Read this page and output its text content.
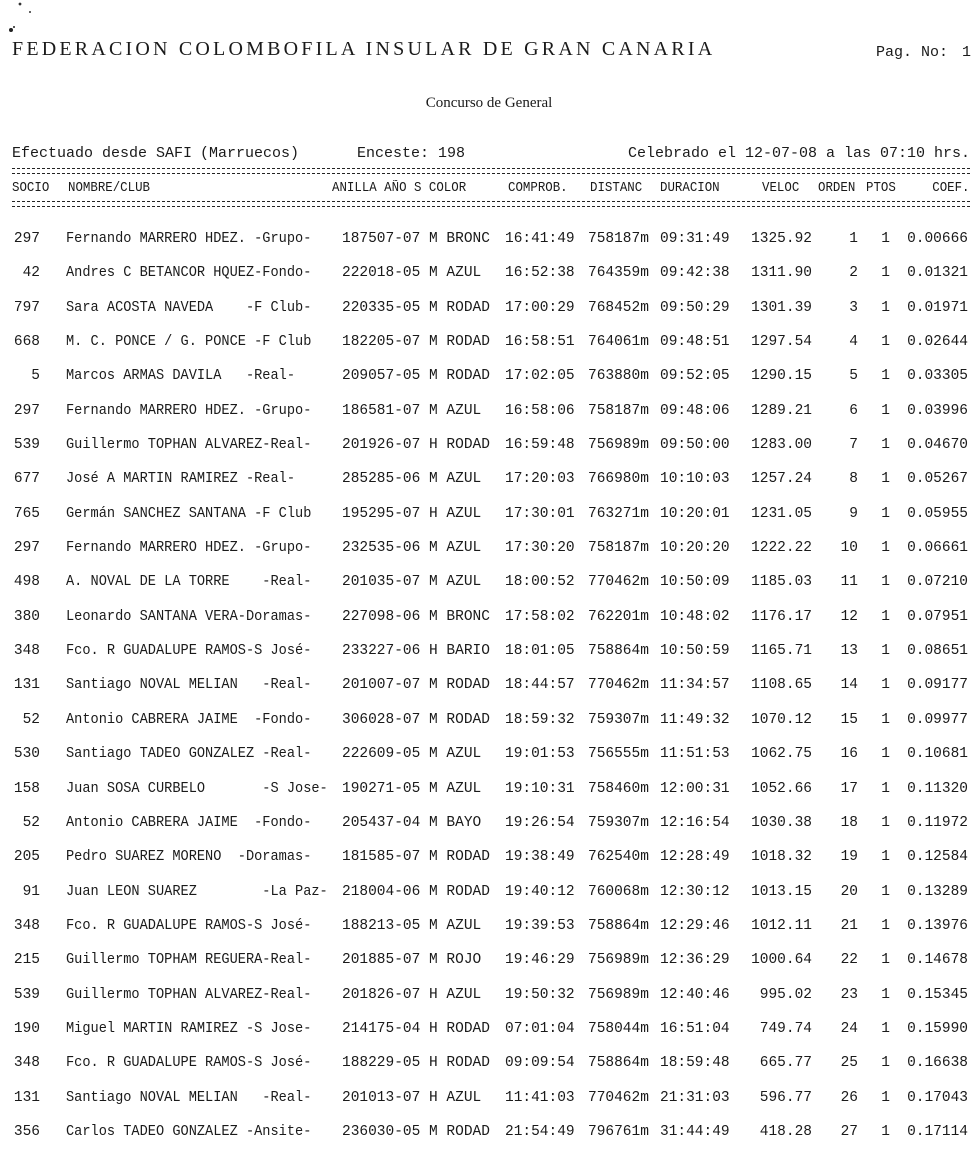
FEDERACION COLOMBOFILA INSULAR DE GRAN CANARIA	Pag. No: 1
Concurso de General
Efectuado desde SAFI (Marruecos)	Enceste: 198	Celebrado el 12-07-08 a las 07:10 hrs.
SOCIO NOMBRE/CLUB	ANILLA AÑO S COLOR	COMPROB. DISTANC DURACION	VELOC ORDEN PTOS	COEF.
297 Fernando MARRERO HDEZ. -Grupo- 187507-07 M BRONC 16:41:49 758187m 09:31:49	1325.92	1	1	0.00666
42 Andres C BETANCOR HQUEZ-Fondo- 222018-05 M AZUL 16:52:38 764359m 09:42:38	1311.90	2	1	0.01321
797 Sara ACOSTA NAVEDA    -F Club- 220335-05 M RODAD 17:00:29 768452m 09:50:29	1301.39	3	1	0.01971
668 M. C. PONCE / G. PONCE -F Club 182205-07 M RODAD 16:58:51 764061m 09:48:51	1297.54	4	1	0.02644
5 Marcos ARMAS DAVILA   -Real-	209057-05 M RODAD 17:02:05 763880m 09:52:05	1290.15	5	1	0.03305
297 Fernando MARRERO HDEZ. -Grupo- 186581-07 M AZUL 16:58:06 758187m 09:48:06	1289.21	6	1	0.03996
539 Guillermo TOPHAN ALVAREZ-Real- 201926-07 H RODAD 16:59:48 756989m 09:50:00	1283.00	7	1	0.04670
677 José A MARTIN RAMIREZ -Real-	285285-06 M AZUL 17:20:03 766980m 10:10:03	1257.24	8	1	0.05267
765 Germán SANCHEZ SANTANA -F Club 195295-07 H AZUL 17:30:01 763271m 10:20:01	1231.05	9	1	0.05955
297 Fernando MARRERO HDEZ. -Grupo- 232535-06 M AZUL 17:30:20 758187m 10:20:20	1222.22	10	1	0.06661
498 A. NOVAL DE LA TORRE    -Real- 201035-07 M AZUL 18:00:52 770462m 10:50:09	1185.03	11	1	0.07210
380 Leonardo SANTANA VERA-Doramas- 227098-06 M BRONC 17:58:02 762201m 10:48:02	1176.17	12	1	0.07951
348 Fco. R GUADALUPE RAMOS-S José- 233227-06 H BARIO 18:01:05 758864m 10:50:59	1165.71	13	1	0.08651
131 Santiago NOVAL MELIAN   -Real- 201007-07 M RODAD 18:44:57 770462m 11:34:57	1108.65	14	1	0.09177
52 Antonio CABRERA JAIME  -Fondo- 306028-07 M RODAD 18:59:32 759307m 11:49:32	1070.12	15	1	0.09977
530 Santiago TADEO GONZALEZ -Real- 222609-05 M AZUL 19:01:53 756555m 11:51:53	1062.75	16	1	0.10681
158 Juan SOSA CURBELO       -S Jose- 190271-05 M AZUL 19:10:31 758460m 12:00:31	1052.66	17	1	0.11320
52 Antonio CABRERA JAIME  -Fondo- 205437-04 M BAYO 19:26:54 759307m 12:16:54	1030.38	18	1	0.11972
205 Pedro SUAREZ MORENO  -Doramas- 181585-07 M RODAD 19:38:49 762540m 12:28:49	1018.32	19	1	0.12584
91 Juan LEON SUAREZ        -La Paz- 218004-06 M RODAD 19:40:12 760068m 12:30:12	1013.15	20	1	0.13289
348 Fco. R GUADALUPE RAMOS-S José- 188213-05 M AZUL 19:39:53 758864m 12:29:46	1012.11	21	1	0.13976
215 Guillermo TOPHAM REGUERA-Real- 201885-07 M ROJO 19:46:29 756989m 12:36:29	1000.64	22	1	0.14678
539 Guillermo TOPHAN ALVAREZ-Real- 201826-07 H AZUL 19:50:32 756989m 12:40:46	995.02	23	1	0.15345
190 Miguel MARTIN RAMIREZ -S Jose- 214175-04 H RODAD 07:01:04 758044m 16:51:04	749.74	24	1	0.15990
348 Fco. R GUADALUPE RAMOS-S José- 188229-05 H RODAD 09:09:54 758864m 18:59:48	665.77	25	1	0.16638
131 Santiago NOVAL MELIAN   -Real- 201013-07 H AZUL 11:41:03 770462m 21:31:03	596.77	26	1	0.17043
356 Carlos TADEO GONZALEZ -Ansite- 236030-05 M RODAD 21:54:49 796761m 31:44:49	418.28	27	1	0.17114
